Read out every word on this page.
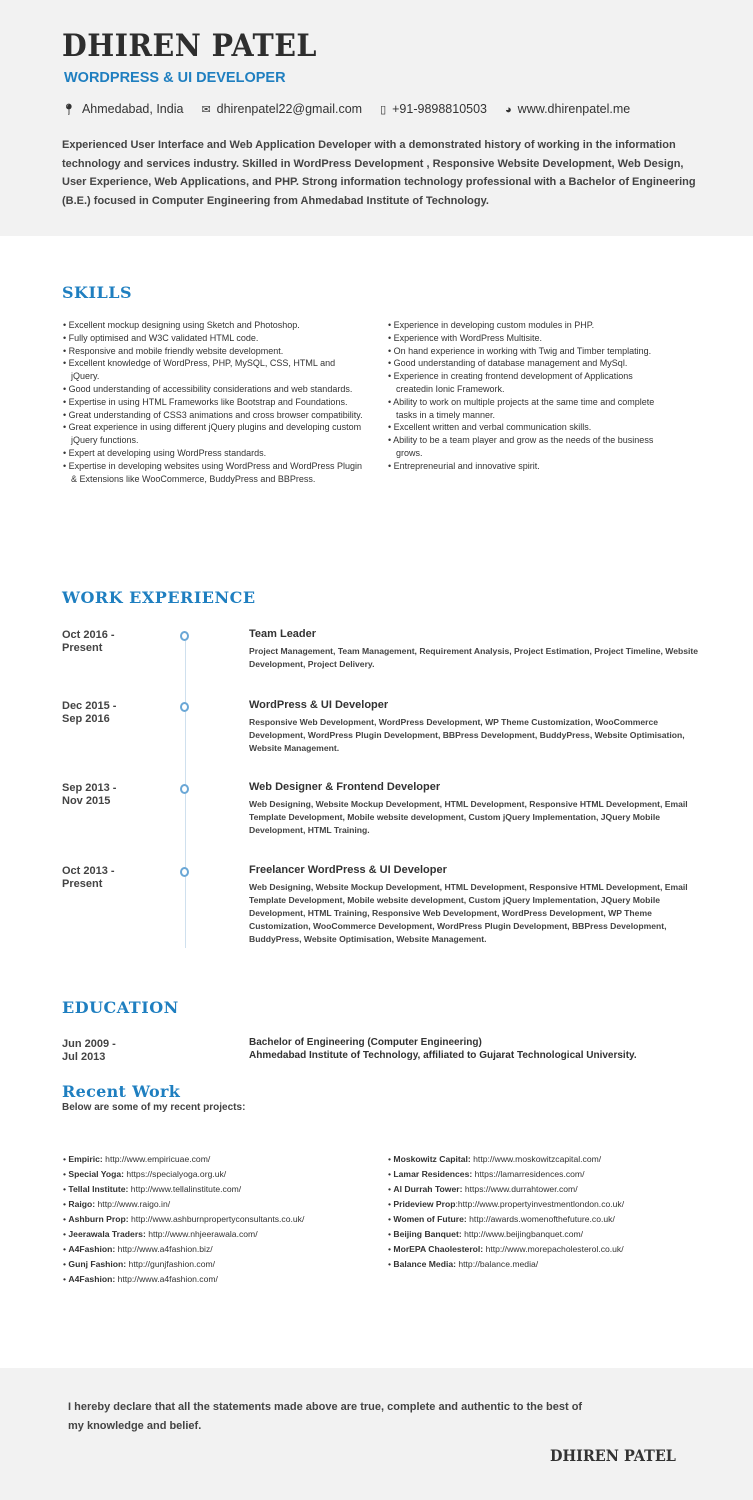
DHIREN PATEL
WORDPRESS & UI DEVELOPER
📍︎ Ahmedabad, India ✉ dhirenpatel22@gmail.com ▯ +91-9898810503 ◕ www.dhirenpatel.me
Experienced User Interface and Web Application Developer with a demonstrated history of working in the information technology and services industry. Skilled in WordPress Development , Responsive Website Development, Web Design, User Experience, Web Applications, and PHP. Strong information technology professional with a Bachelor of Engineering (B.E.) focused in Computer Engineering from Ahmedabad Institute of Technology.
SKILLS
• Excellent mockup designing using Sketch and Photoshop.
• Fully optimised and W3C validated HTML code.
• Responsive and mobile friendly website development.
• Excellent knowledge of WordPress, PHP, MySQL, CSS, HTML and jQuery.
• Good understanding of accessibility considerations and web standards.
• Expertise in using HTML Frameworks like Bootstrap and Foundations.
• Great understanding of CSS3 animations and cross browser compatibility.
• Great experience in using different jQuery plugins and developing custom jQuery functions.
• Expert at developing using WordPress standards.
• Expertise in developing websites using WordPress and WordPress Plugin & Extensions like WooCommerce, BuddyPress and BBPress.
• Experience in developing custom modules in PHP.
• Experience with WordPress Multisite.
• On hand experience in working with Twig and Timber templating.
• Good understanding of database management and MySql.
• Experience in creating frontend development of Applications createdin Ionic Framework.
• Ability to work on multiple projects at the same time and complete tasks in a timely manner.
• Excellent written and verbal communication skills.
• Ability to be a team player and grow as the needs of the business grows.
• Entrepreneurial and innovative spirit.
WORK EXPERIENCE
Oct 2016 -
Present
Team Leader
Project Management, Team Management, Requirement Analysis, Project Estimation, Project Timeline, Website Development, Project Delivery.
Dec 2015 -
Sep 2016
WordPress & UI Developer
Responsive Web Development, WordPress Development, WP Theme Customization, WooCommerce Development, WordPress Plugin Development, BBPress Development, BuddyPress, Website Optimisation, Website Management.
Sep 2013 -
Nov 2015
Web Designer & Frontend Developer
Web Designing, Website Mockup Development, HTML Development, Responsive HTML Development, Email Template Development, Mobile website development, Custom jQuery Implementation, JQuery Mobile Development, HTML Training.
Oct 2013 -
Present
Freelancer WordPress & UI Developer
Web Designing, Website Mockup Development, HTML Development, Responsive HTML Development, Email Template Development, Mobile website development, Custom jQuery Implementation, JQuery Mobile Development, HTML Training, Responsive Web Development, WordPress Development, WP Theme Customization, WooCommerce Development, WordPress Plugin Development, BBPress Development, BuddyPress, Website Optimisation, Website Management.
EDUCATION
Jun 2009 -
Jul 2013
Bachelor of Engineering (Computer Engineering)
Ahmedabad Institute of Technology, affiliated to Gujarat Technological University.
Recent Work
Below are some of my recent projects:
• Empiric: http://www.empiricuae.com/
• Special Yoga: https://specialyoga.org.uk/
• Tellal Institute: http://www.tellalinstitute.com/
• Raigo: http://www.raigo.in/
• Ashburn Prop: http://www.ashburnpropertyconsultants.co.uk/
• Jeerawala Traders: http://www.nhjeerawala.com/
• A4Fashion: http://www.a4fashion.biz/
• Gunj Fashion: http://gunjfashion.com/
• A4Fashion: http://www.a4fashion.com/
• Moskowitz Capital: http://www.moskowitzcapital.com/
• Lamar Residences: https://lamarresidences.com/
• Al Durrah Tower: https://www.durrahtower.com/
• Prideview Prop:http://www.propertyinvestmentlondon.co.uk/
• Women of Future: http://awards.womenofthefuture.co.uk/
• Beijing Banquet: http://www.beijingbanquet.com/
• MorEPA Chaolesterol: http://www.morepacholesterol.co.uk/
• Balance Media: http://balance.media/
I hereby declare that all the statements made above are true, complete and authentic to the best of my knowledge and belief.
DHIREN PATEL
